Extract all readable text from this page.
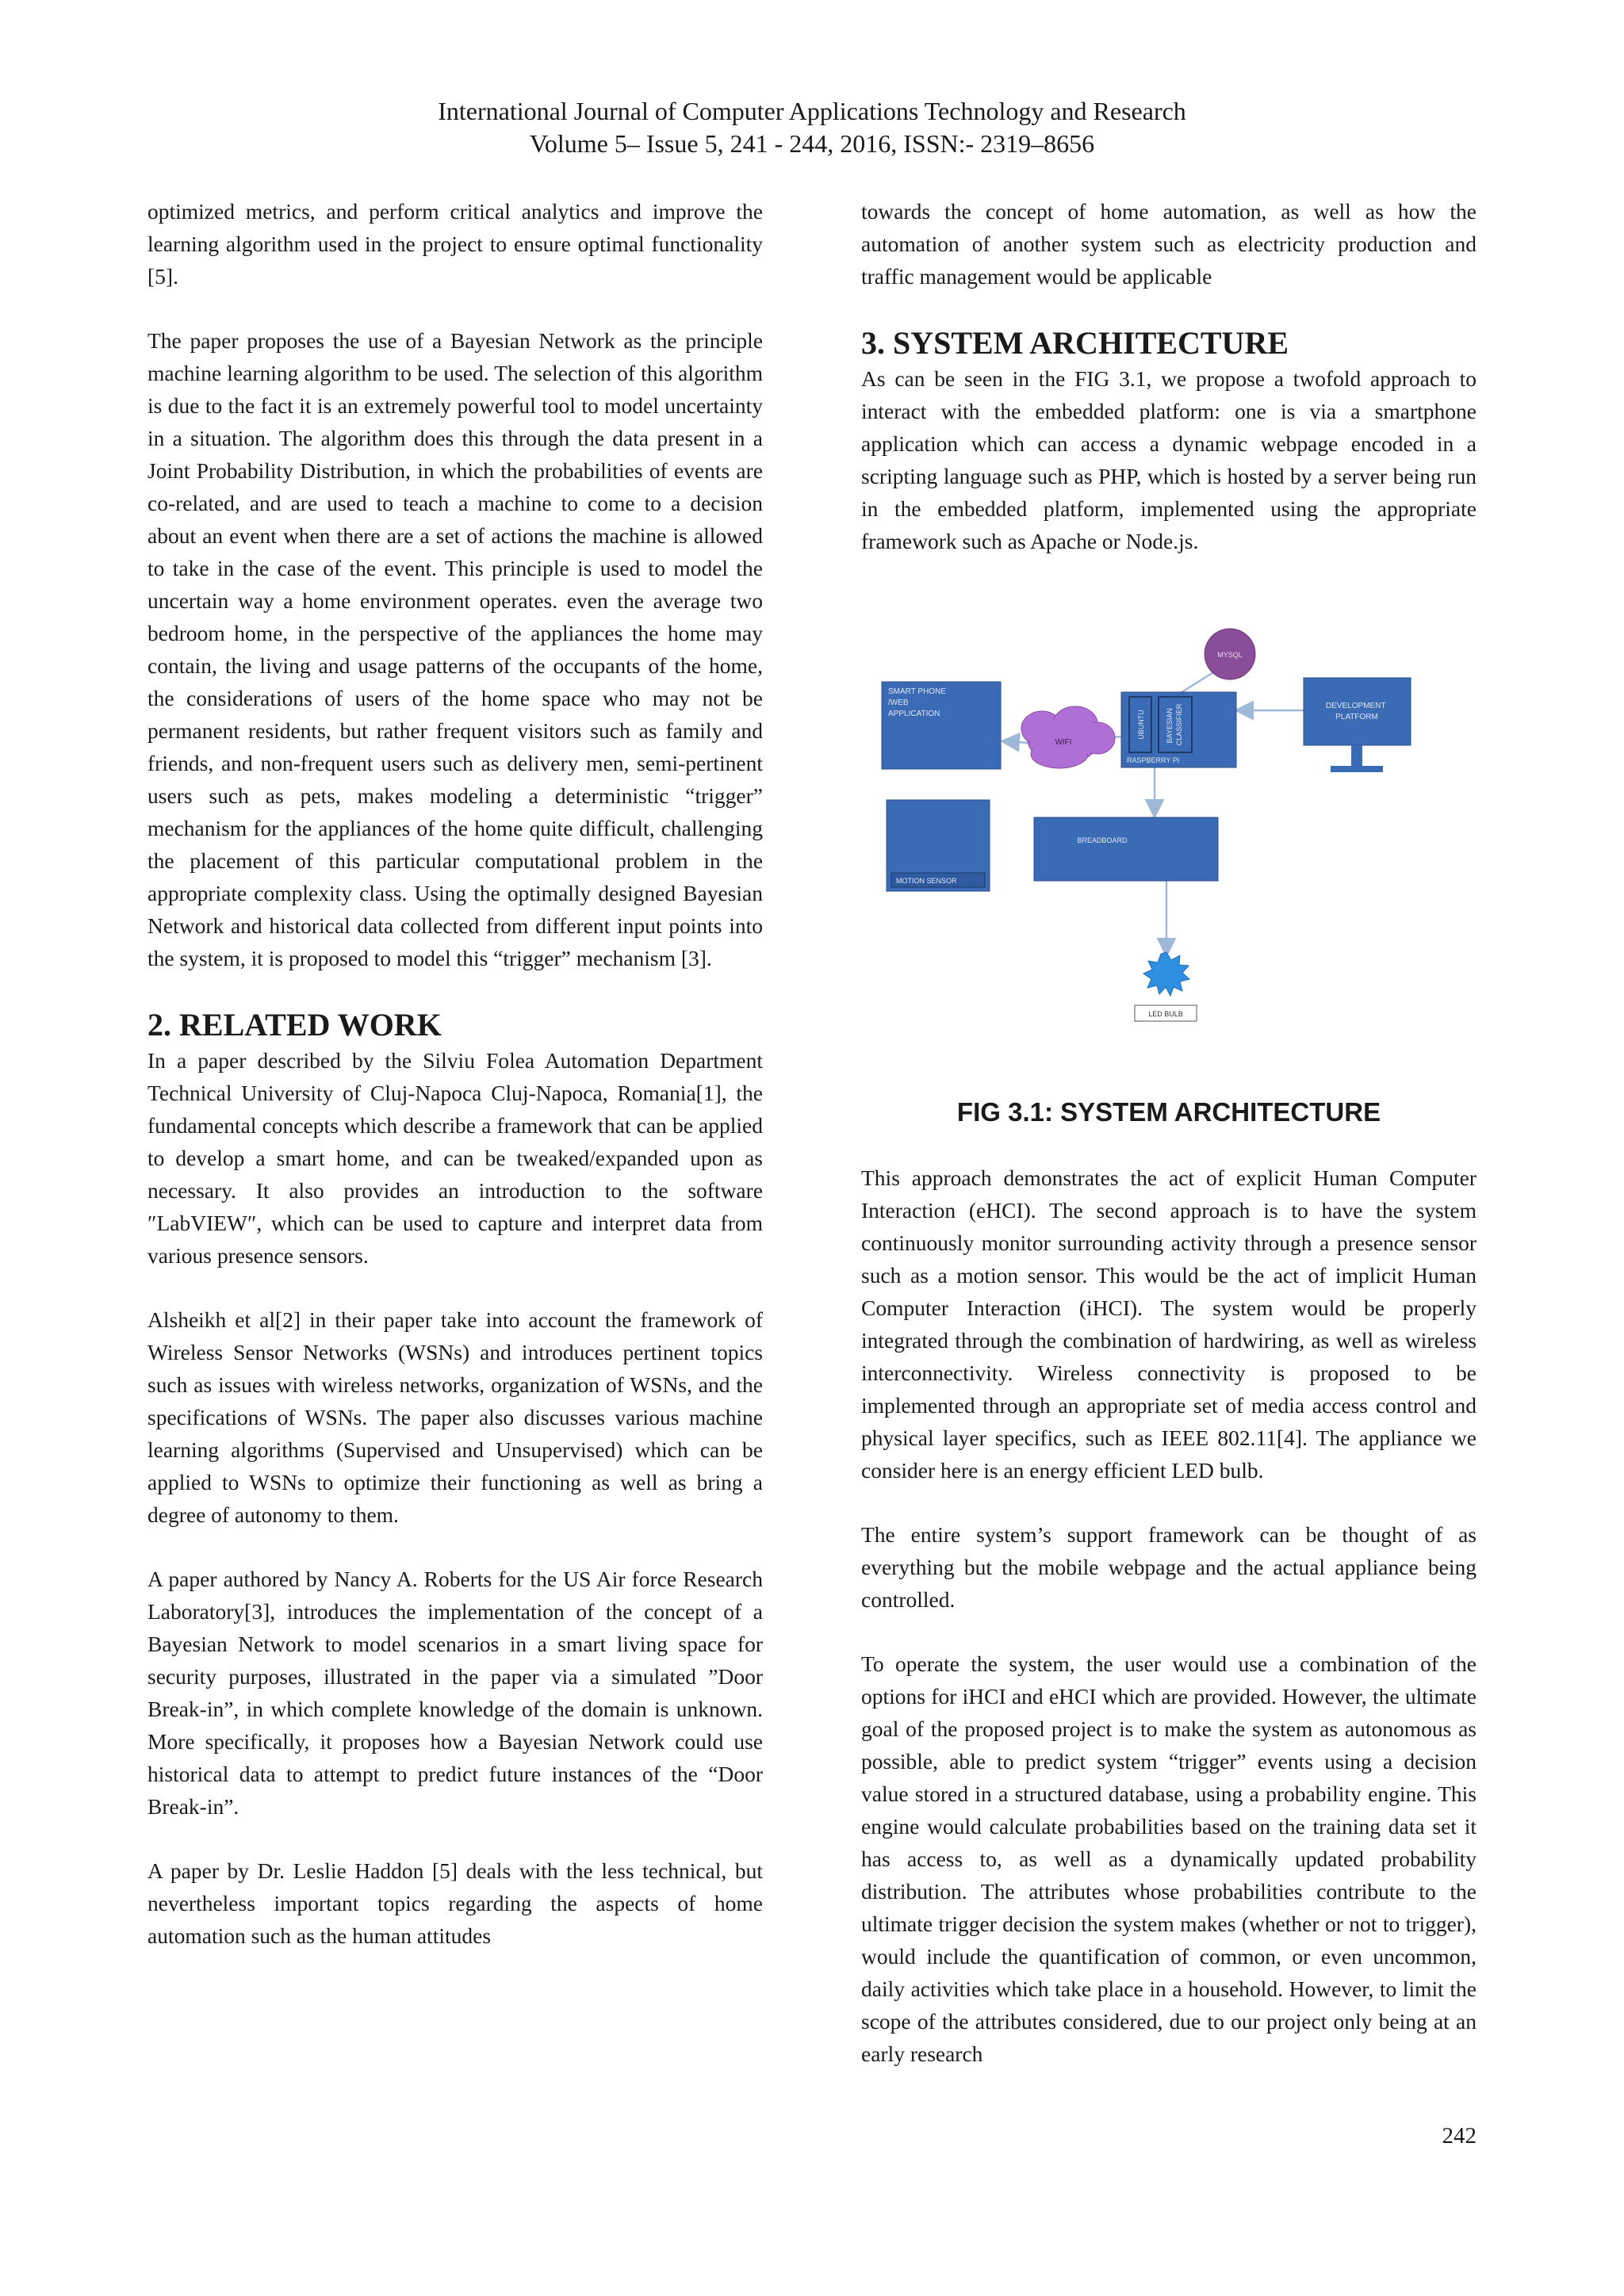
International Journal of Computer Applications Technology and Research
Volume 5– Issue 5, 241 - 244, 2016, ISSN:- 2319–8656

optimized metrics, and perform critical analytics and improve the learning algorithm used in the project to ensure optimal functionality [5].

The paper proposes the use of a Bayesian Network as the principle machine learning algorithm to be used. The selection of this algorithm is due to the fact it is an extremely powerful tool to model uncertainty in a situation. The algorithm does this through the data present in a Joint Probability Distribution, in which the probabilities of events are co-related, and are used to teach a machine to come to a decision about an event when there are a set of actions the machine is allowed to take in the case of the event. This principle is used to model the uncertain way a home environment operates. even the average two bedroom home, in the perspective of the appliances the home may contain, the living and usage patterns of the occupants of the home, the considerations of users of the home space who may not be permanent residents, but rather frequent visitors such as family and friends, and non-frequent users such as delivery men, semi-pertinent users such as pets, makes modeling a deterministic “trigger” mechanism for the appliances of the home quite difficult, challenging the placement of this particular computational problem in the appropriate complexity class. Using the optimally designed Bayesian Network and historical data collected from different input points into the system, it is proposed to model this “trigger” mechanism [3].

2. RELATED WORK

In a paper described by the Silviu Folea Automation Department Technical University of Cluj-Napoca Cluj-Napoca, Romania[1], the fundamental concepts which describe a framework that can be applied to develop a smart home, and can be tweaked/expanded upon as necessary. It also provides an introduction to the software ″LabVIEW″, which can be used to capture and interpret data from various presence sensors.

Alsheikh et al[2] in their paper take into account the framework of Wireless Sensor Networks (WSNs) and introduces pertinent topics such as issues with wireless networks, organization of WSNs, and the specifications of WSNs. The paper also discusses various machine learning algorithms (Supervised and Unsupervised) which can be applied to WSNs to optimize their functioning as well as bring a degree of autonomy to them.

A paper authored by Nancy A. Roberts for the US Air force Research Laboratory[3], introduces the implementation of the concept of a Bayesian Network to model scenarios in a smart living space for security purposes, illustrated in the paper via a simulated ”Door Break-in”, in which complete knowledge of the domain is unknown. More specifically, it proposes how a Bayesian Network could use historical data to attempt to predict future instances of the “Door Break-in”.

A paper by Dr. Leslie Haddon [5] deals with the less technical, but nevertheless important topics regarding the aspects of home automation such as the human attitudes

towards the concept of home automation, as well as how the automation of another system such as electricity production and traffic management would be applicable

3. SYSTEM ARCHITECTURE

As can be seen in the FIG 3.1, we propose a twofold approach to interact with the embedded platform: one is via a smartphone application which can access a dynamic webpage encoded in a scripting language such as PHP, which is hosted by a server being run in the embedded platform, implemented using the appropriate framework such as Apache or Node.js.

SMART PHONE /WEB APPLICATION
WIFI
MYSQL
UBUNTU	BAYESIAN CLASSIFIER
RASPBERRY PI
DEVELOPMENT PLATFORM
MOTION SENSOR
BREADBOARD
LED BULB
FIG 3.1: SYSTEM ARCHITECTURE

This approach demonstrates the act of explicit Human Computer Interaction (eHCI). The second approach is to have the system continuously monitor surrounding activity through a presence sensor such as a motion sensor. This would be the act of implicit Human Computer Interaction (iHCI). The system would be properly integrated through the combination of hardwiring, as well as wireless interconnectivity. Wireless connectivity is proposed to be implemented through an appropriate set of media access control and physical layer specifics, such as IEEE 802.11[4]. The appliance we consider here is an energy efficient LED bulb.

The entire system’s support framework can be thought of as everything but the mobile webpage and the actual appliance being controlled.

To operate the system, the user would use a combination of the options for iHCI and eHCI which are provided. However, the ultimate goal of the proposed project is to make the system as autonomous as possible, able to predict system “trigger” events using a decision value stored in a structured database, using a probability engine. This engine would calculate probabilities based on the training data set it has access to, as well as a dynamically updated probability distribution. The attributes whose probabilities contribute to the ultimate trigger decision the system makes (whether or not to trigger), would include the quantification of common, or even uncommon, daily activities which take place in a household. However, to limit the scope of the attributes considered, due to our project only being at an early research

242
